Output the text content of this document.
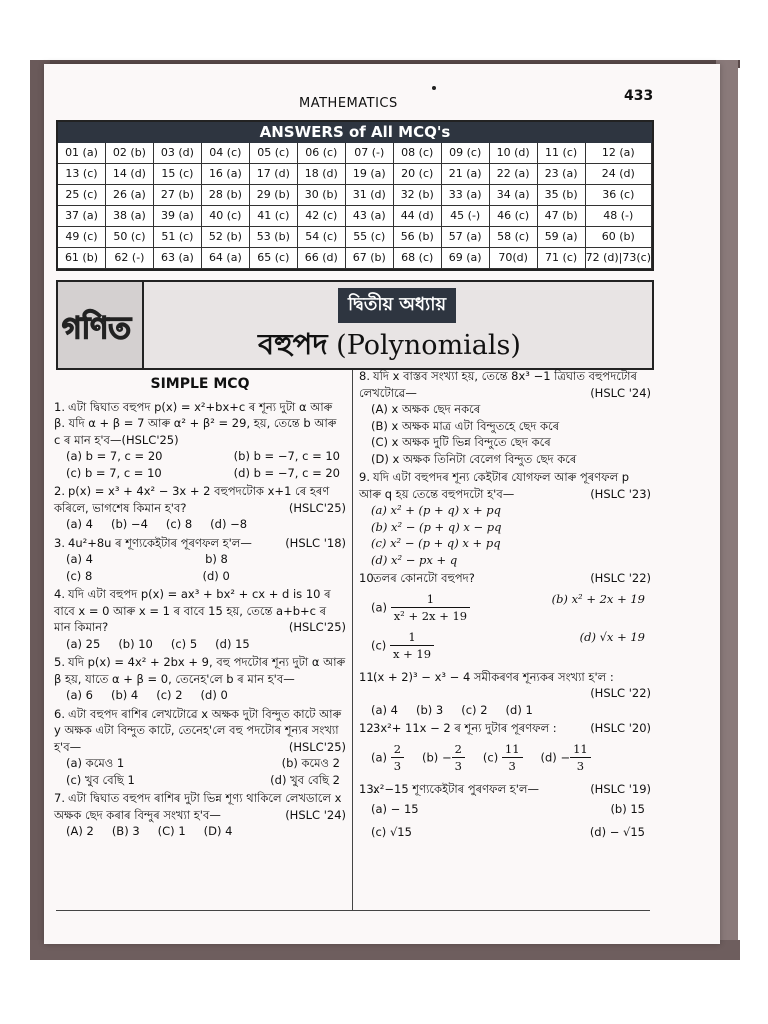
MATHEMATICS	433
ANSWERS of All MCQ's
01 (a)	02 (b)	03 (d)	04 (c)	05 (c)	06 (c)	07 (-)	08 (c)	09 (c)	10 (d)	11 (c)	12 (a)
13 (c)	14 (d)	15 (c)	16 (a)	17 (d)	18 (d)	19 (a)	20 (c)	21 (a)	22 (a)	23 (a)	24 (d)
25 (c)	26 (a)	27 (b)	28 (b)	29 (b)	30 (b)	31 (d)	32 (b)	33 (a)	34 (a)	35 (b)	36 (c)
37 (a)	38 (a)	39 (a)	40 (c)	41 (c)	42 (c)	43 (a)	44 (d)	45 (-)	46 (c)	47 (b)	48 (-)
49 (c)	50 (c)	51 (c)	52 (b)	53 (b)	54 (c)	55 (c)	56 (b)	57 (a)	58 (c)	59 (a)	60 (b)
61 (b)	62 (-)	63 (a)	64 (a)	65 (c)	66 (d)	67 (b)	68 (c)	69 (a)	70(d)	71 (c) 72 (d)|73(c)
গণিত
দ্বিতীয় অধ্যায়
বহুপদ (Polynomials)
SIMPLE MCQ
1. এটা দ্বিঘাত বহুপদ p(x) = x²+bx+c ৰ শূন্য দুটা α আৰু β. যদি α + β = 7 আৰু α² + β² = 29, হয়, তেন্তে b আৰু c ৰ মান হ'ব—(HSLC'25)
(a) b = 7, c = 20	(b) b = −7, c = 10
(c) b = 7, c = 10	(d) b = −7, c = 20
2. p(x) = x³ + 4x² − 3x + 2 বহুপদটোক x+1 ৰে হৰণ কৰিলে, ভাগশেষ কিমান হ'ব?	(HSLC'25)
(a) 4 (b) −4 (c) 8 (d) −8
3. 4u²+8u ৰ শূণ্যকেইটাৰ পূৰণফল হ'ল—	(HSLC '18)
(a) 4	b) 8
(c) 8	(d) 0
4. যদি এটা বহুপদ p(x) = ax³ + bx² + cx + d is 10 ৰ বাবে x = 0 আৰু x = 1 ৰ বাবে 15 হয়, তেন্তে a+b+c ৰ মান কিমান?	(HSLC'25)
(a) 25 (b) 10 (c) 5 (d) 15
5. যদি p(x) = 4x² + 2bx + 9, বহু পদটোৰ শূন্য দুটা α আৰু β হয়, যাতে α + β = 0, তেনেহ'লে b ৰ মান হ'ব—
(a) 6 (b) 4 (c) 2 (d) 0
6. এটা বহুপদ ৰাশিৰ লেখটোৱে x অক্ষক দুটা বিন্দুত কাটে আৰু y অক্ষক এটা বিন্দুত কাটে, তেনেহ'লে বহু পদটোৰ শূন্যৰ সংখ্যা হ'ব—	(HSLC'25)
(a) কমেও 1	(b) কমেও 2
(c) খুব বেছি 1	(d) খুব বেছি 2
7. এটা দ্বিঘাত বহুপদ ৰাশিৰ দুটা ভিন্ন শূণ্য থাকিলে লেখডালে x অক্ষক ছেদ কৰাৰ বিন্দুৰ সংখ্যা হ'ব—	(HSLC '24)
(A) 2 (B) 3 (C) 1 (D) 4
8. যদি x বাস্তব সংখ্যা হয়, তেন্তে 8x³ −1 ত্রিঘাত বহুপদটোৰ লেখটোৱে—	(HSLC '24)
(A) x অক্ষক ছেদ নকৰে
(B) x অক্ষক মাত্র এটা বিন্দুতহে ছেদ কৰে
(C) x অক্ষক দুটি ভিন্ন বিন্দুতে ছেদ কৰে
(D) x অক্ষক তিনিটা বেলেগ বিন্দুত ছেদ কৰে
9. যদি এটা বহুপদৰ শূন্য কেইটাৰ যোগফল আৰু পূৰণফল p আৰু q হয় তেন্তে বহুপদটো হ'ব—	(HSLC '23)
(a) x² + (p + q) x + pq
(b) x² − (p + q) x − pq
(c) x² − (p + q) x + pq
(d) x² − px + q
10.তলৰ কোনটো বহুপদ?	(HSLC '22)
$(a) \frac{1}{\text{x² + 2x + 19}}$	(b) x² + 2x + 19
$(c) \frac{1}{x + 19}$	(d) √x + 19
11.(x + 2)³ − x³ − 4 সমীকৰণৰ শূন্যকৰ সংখ্যা হ'ল :
(HSLC '22)
(a) 4 (b) 3 (c) 2 (d) 1
12.3x²+ 11x − 2 ৰ শূন্য দুটাৰ পূৰণফল :	(HSLC '20)
$(a) \frac{2}{3} (b) - \frac{2}{3} (c) \frac{11}{3} (d) - \frac{11}{3}$
13.x²−15 শূণ্যকেইটাৰ পুৰণফল হ'ল—	(HSLC '19)
(a) − 15	(b) 15
(c) √15	(d) − √15
